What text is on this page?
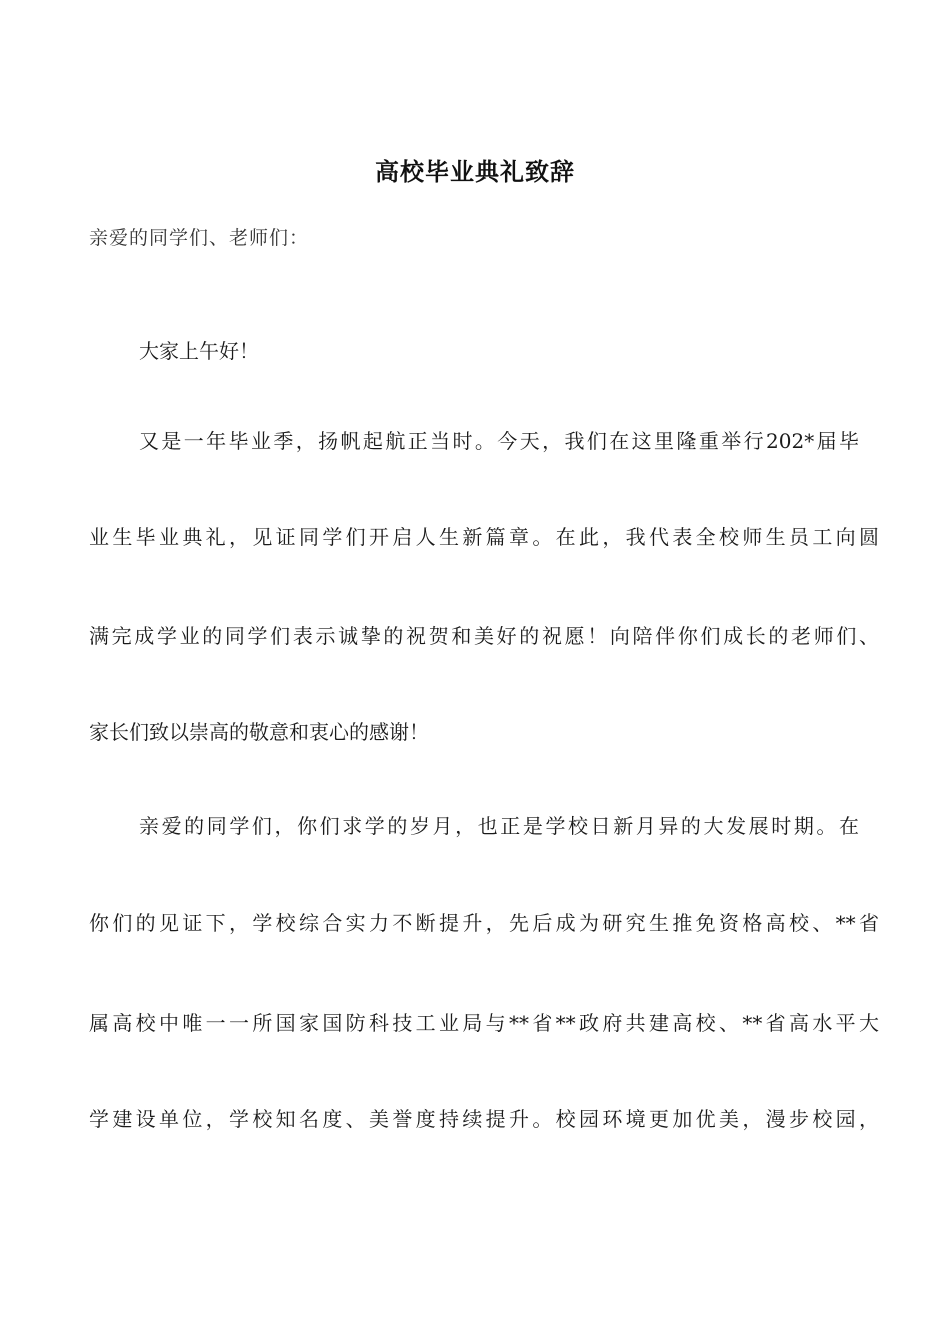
高校毕业典礼致辞
亲爱的同学们、老师们：
大家上午好！
又是一年毕业季，扬帆起航正当时。今天，我们在这里隆重举行202*届毕
业生毕业典礼，见证同学们开启人生新篇章。在此，我代表全校师生员工向圆
满完成学业的同学们表示诚挚的祝贺和美好的祝愿！向陪伴你们成长的老师们、
家长们致以崇高的敬意和衷心的感谢！
亲爱的同学们，你们求学的岁月，也正是学校日新月异的大发展时期。在
你们的见证下，学校综合实力不断提升，先后成为研究生推免资格高校、**省
属高校中唯一一所国家国防科技工业局与**省**政府共建高校、**省高水平大
学建设单位，学校知名度、美誉度持续提升。校园环境更加优美，漫步校园，
